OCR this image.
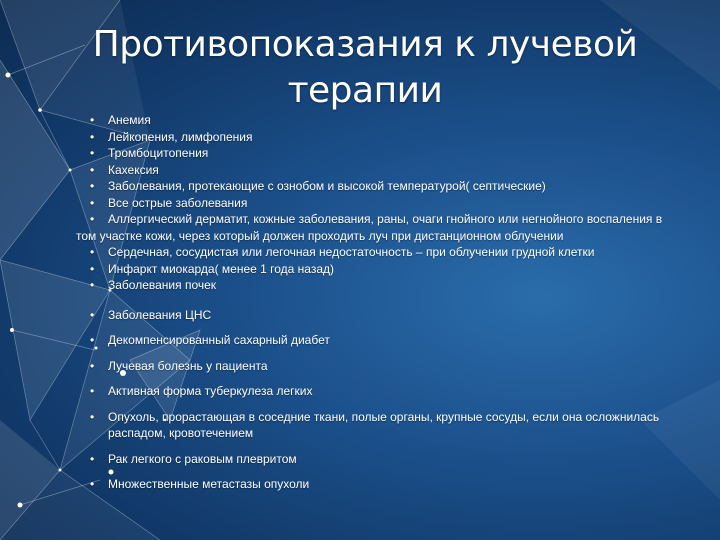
Противопоказания к лучевой
терапии
• Анемия
• Лейкопения, лимфопения
• Тромбоцитопения
• Кахексия
• Заболевания, протекающие с ознобом и высокой температурой( септические)
• Все острые заболевания
• Аллергический дерматит, кожные заболевания, раны, очаги гнойного или негнойного воспаления в
том участке кожи, через который должен проходить луч при дистанционном облучении
• Сердечная, сосудистая или легочная недостаточность – при облучении грудной клетки
• Инфаркт миокарда( менее 1 года назад)
• Заболевания почек
• Заболевания ЦНС
• Декомпенсированный сахарный диабет
• Лучевая болезнь у пациента
• Активная форма туберкулеза легких
• Опухоль, прорастающая в соседние ткани, полые органы, крупные сосуды, если она осложнилась
распадом, кровотечением
• Рак легкого с раковым плевритом
• Множественные метастазы опухоли
